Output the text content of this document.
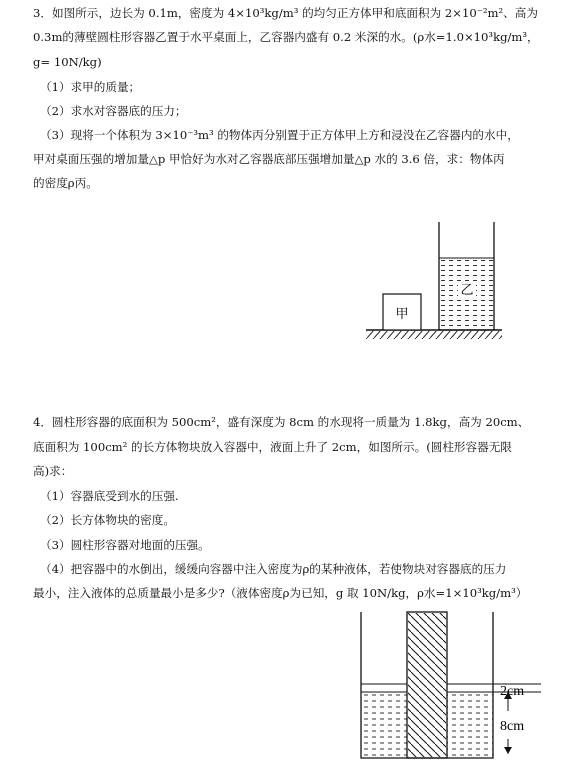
3．如图所示，边长为 0.1m，密度为 4×10³kg/m³ 的均匀正方体甲和底面积为 2×10⁻²m²、高为
0.3m的薄壁圆柱形容器乙置于水平桌面上，乙容器内盛有 0.2 米深的水。(ρ水=1.0×10³kg/m³，
g= 10N/kg)
（1）求甲的质量；
（2）求水对容器底的压力；
（3）现将一个体积为 3×10⁻³m³ 的物体丙分别置于正方体甲上方和浸没在乙容器内的水中，
甲对桌面压强的增加量△p 甲恰好为水对乙容器底部压强增加量△p 水的 3.6 倍，求：物体丙
的密度ρ丙。
甲
乙
4．圆柱形容器的底面积为 500cm²，盛有深度为 8cm 的水现将一质量为 1.8kg，高为 20cm、
底面积为 100cm² 的长方体物块放入容器中，液面上升了 2cm，如图所示。(圆柱形容器无限
高)求：
（1）容器底受到水的压强.
（2）长方体物块的密度。
（3）圆柱形容器对地面的压强。
（4）把容器中的水倒出，缓缓向容器中注入密度为ρ的某种液体，若使物块对容器底的压力
最小，注入液体的总质量最小是多少?（液体密度ρ为已知，g 取 10N/kg，ρ水=1×10³kg/m³）
2cm
8cm
